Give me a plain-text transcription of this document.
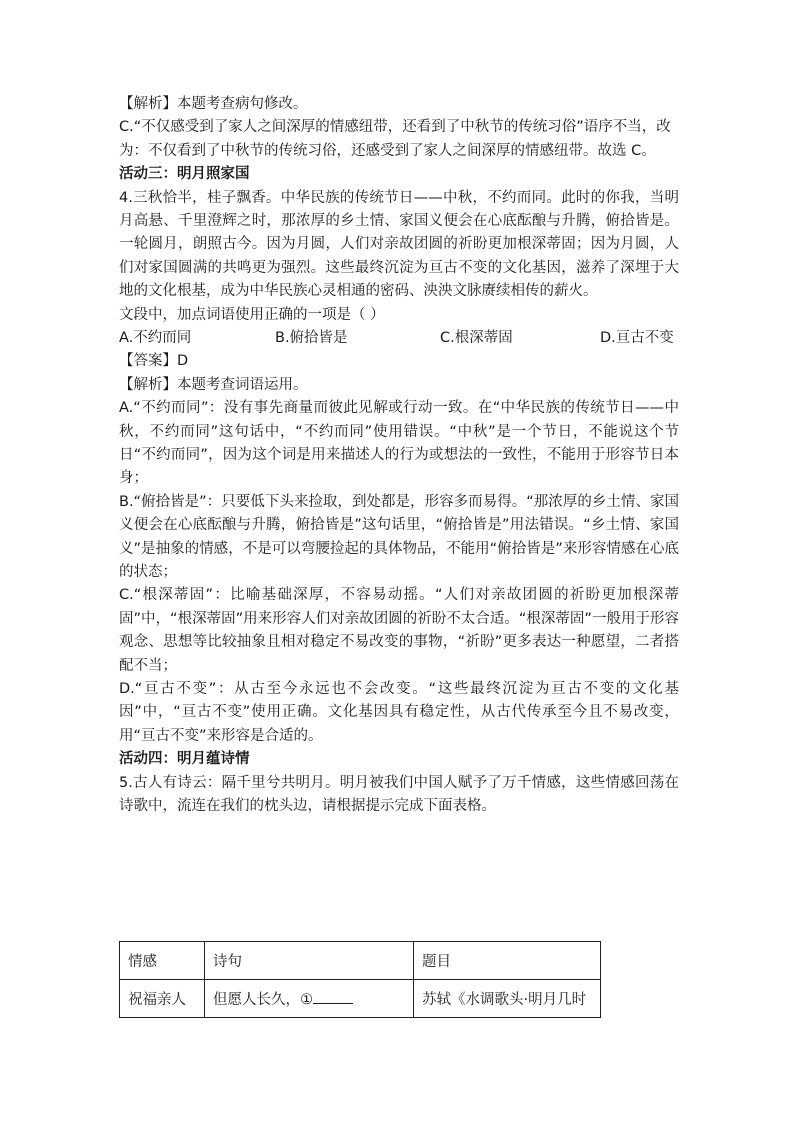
【解析】本题考查病句修改。
C.“不仅感受到了家人之间深厚的情感纽带，还看到了中秋节的传统习俗”语序不当，改
为：不仅看到了中秋节的传统习俗，还感受到了家人之间深厚的情感纽带。故选 C。
活动三：明月照家国
4.三秋恰半，桂子飘香。中华民族的传统节日——中秋，不约而同。此时的你我，当明月高悬、千里澄辉之时，那浓厚的乡土情、家国义便会在心底酝酿与升腾，俯拾皆是。一轮圆月，朗照古今。因为月圆，人们对亲故团圆的祈盼更加根深蒂固；因为月圆，人们对家国圆满的共鸣更为强烈。这些最终沉淀为亘古不变的文化基因，滋养了深埋于大地的文化根基，成为中华民族心灵相通的密码、泱泱文脉赓续相传的薪火。
文段中，加点词语使用正确的一项是（ ）
A.不约而同	B.俯拾皆是	C.根深蒂固	D.亘古不变
【答案】D
【解析】本题考查词语运用。
A.“不约而同”：没有事先商量而彼此见解或行动一致。在“中华民族的传统节日——中秋，不约而同”这句话中，“不约而同”使用错误。“中秋”是一个节日，不能说这个节日“不约而同”，因为这个词是用来描述人的行为或想法的一致性，不能用于形容节日本身；
B.“俯拾皆是”：只要低下头来捡取，到处都是，形容多而易得。“那浓厚的乡土情、家国义便会在心底酝酿与升腾，俯拾皆是”这句话里，“俯拾皆是”用法错误。“乡土情、家国义”是抽象的情感，不是可以弯腰捡起的具体物品，不能用“俯拾皆是”来形容情感在心底的状态；
C.“根深蒂固”：比喻基础深厚，不容易动摇。“人们对亲故团圆的祈盼更加根深蒂固”中，“根深蒂固”用来形容人们对亲故团圆的祈盼不太合适。“根深蒂固”一般用于形容观念、思想等比较抽象且相对稳定不易改变的事物，“祈盼”更多表达一种愿望，二者搭配不当；
D.“亘古不变”：从古至今永远也不会改变。“这些最终沉淀为亘古不变的文化基因”中，“亘古不变”使用正确。文化基因具有稳定性，从古代传承至今且不易改变，用“亘古不变”来形容是合适的。
活动四：明月蕴诗情
5.古人有诗云：隔千里兮共明月。明月被我们中国人赋予了万千情感，这些情感回荡在诗歌中，流连在我们的枕头边，请根据提示完成下面表格。
情感	诗句	题目
祝福亲人	但愿人长久，①	苏轼《水调歌头·明月几时
